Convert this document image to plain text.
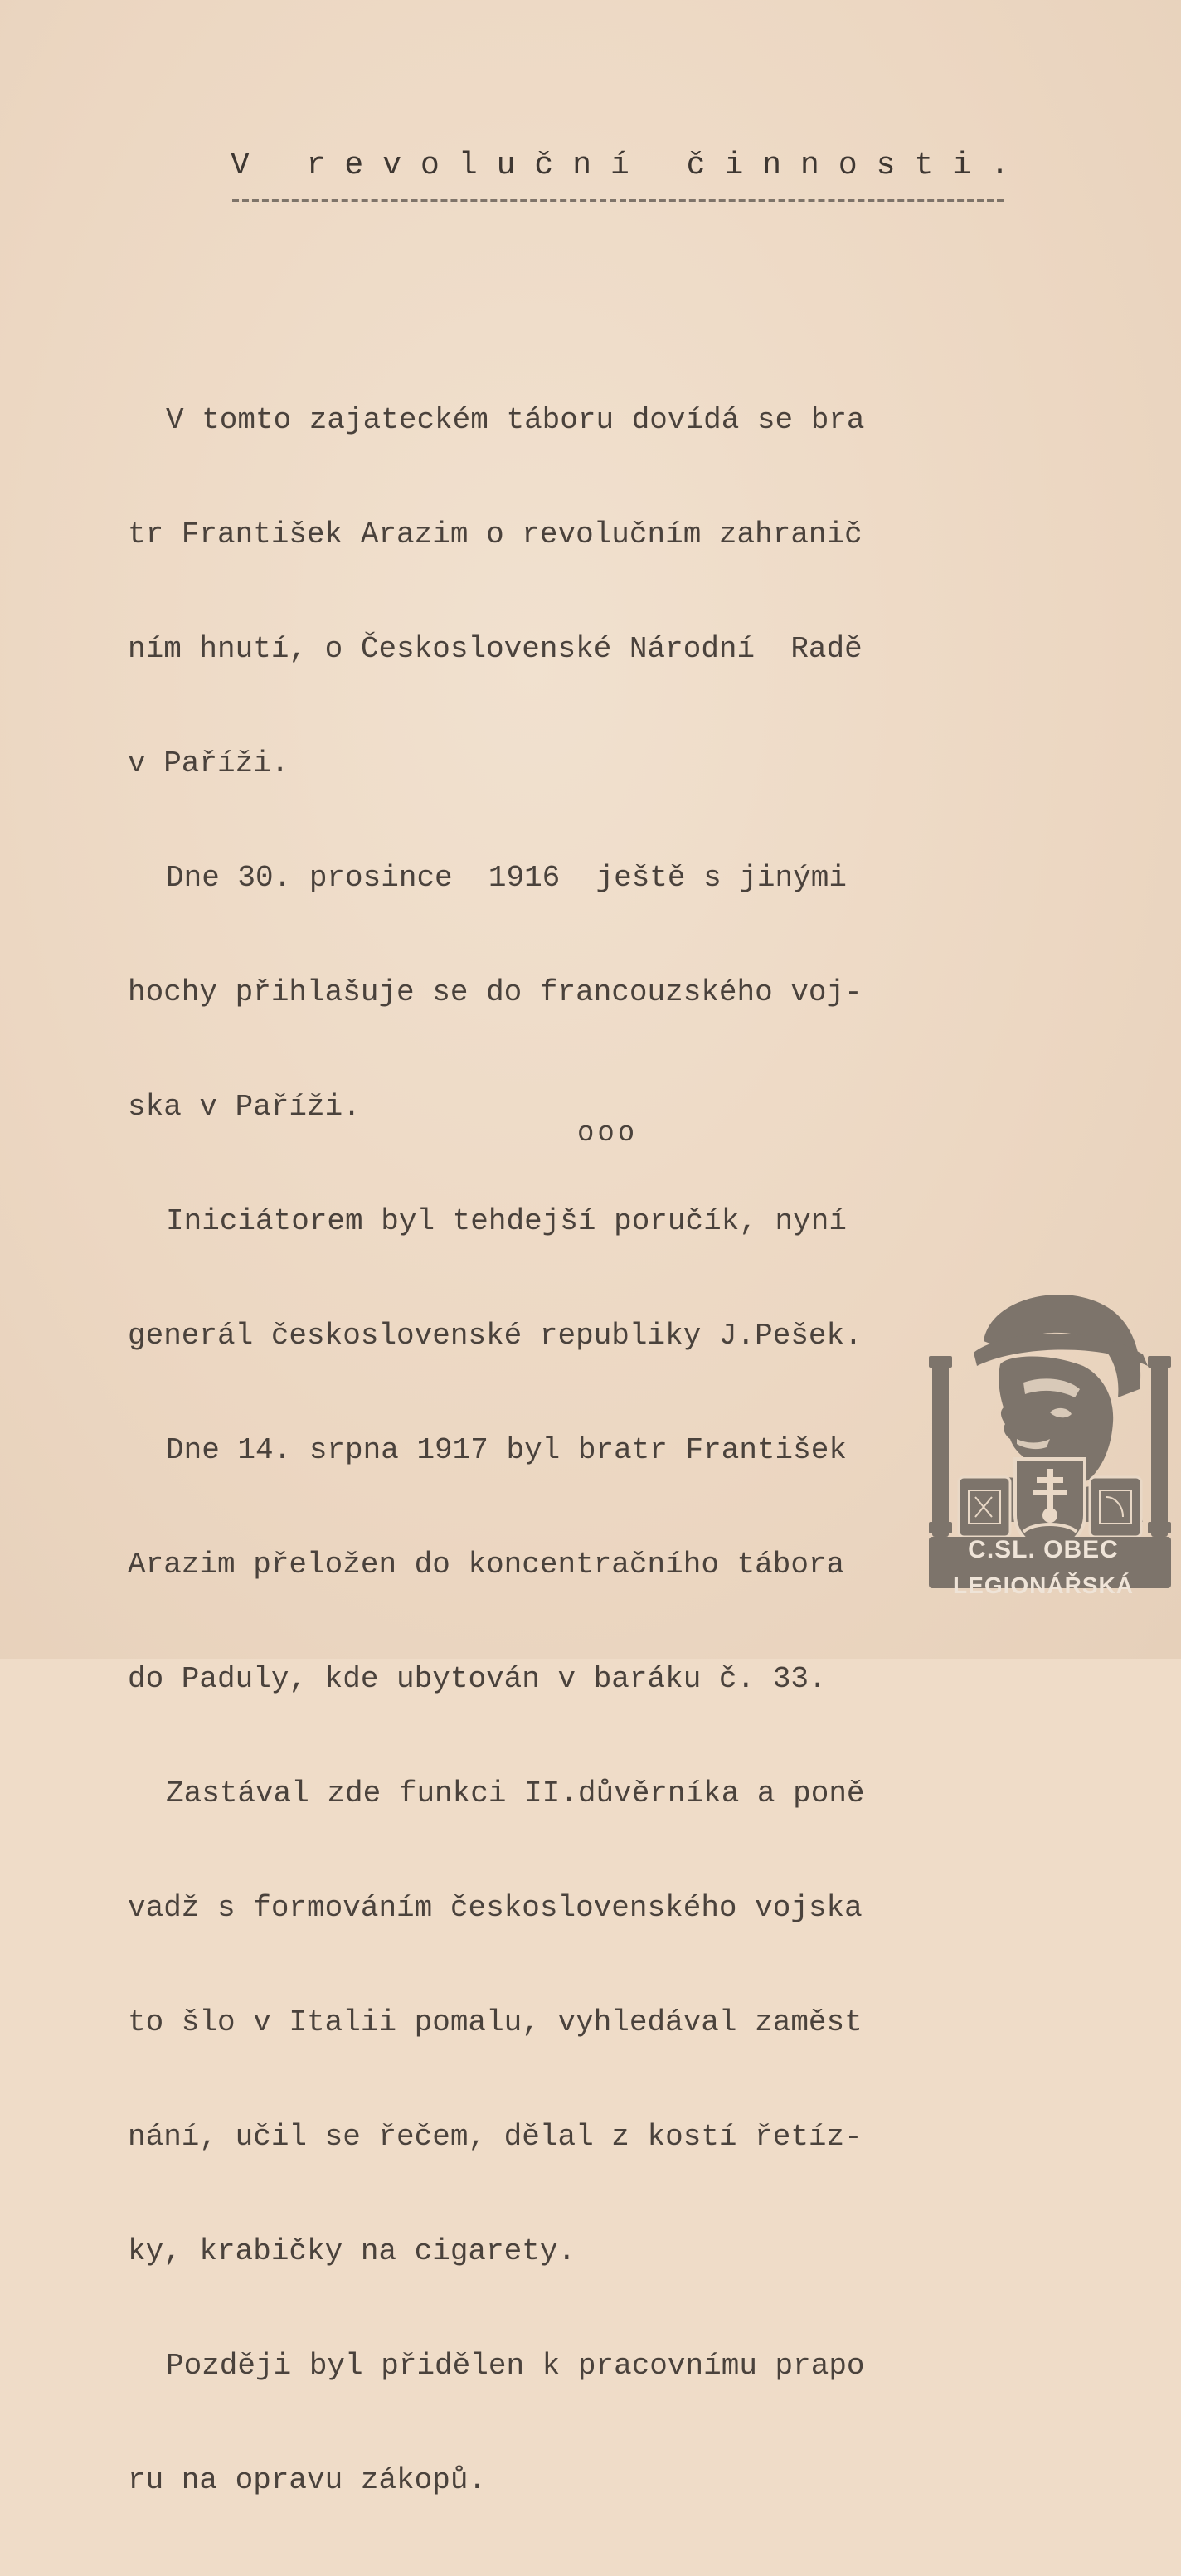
V revoluční činnosti.

V tomto zajateckém táboru dovídá se bra

tr František Arazim o revolučním zahranič

ním hnutí, o Československé Národní  Radě

v Paříži.

Dne 30. prosince  1916  ještě s jinými

hochy přihlašuje se do francouzského voj-

ska v Paříži.

Iniciátorem byl tehdejší poručík, nyní

generál československé republiky J.Pešek.

Dne 14. srpna 1917 byl bratr František

Arazim přeložen do koncentračního tábora

do Paduly, kde ubytován v baráku č. 33.

Zastával zde funkci II.důvěrníka a poně

vadž s formováním československého vojska

to šlo v Italii pomalu, vyhledával zaměst

nání, učil se řečem, dělal z kostí řetíz-

ky, krabičky na cigarety.

Později byl přidělen k pracovnímu prapo

ru na opravu zákopů.

ooo
C.SL. OBEC
LEGIONÁŘSKÁ
